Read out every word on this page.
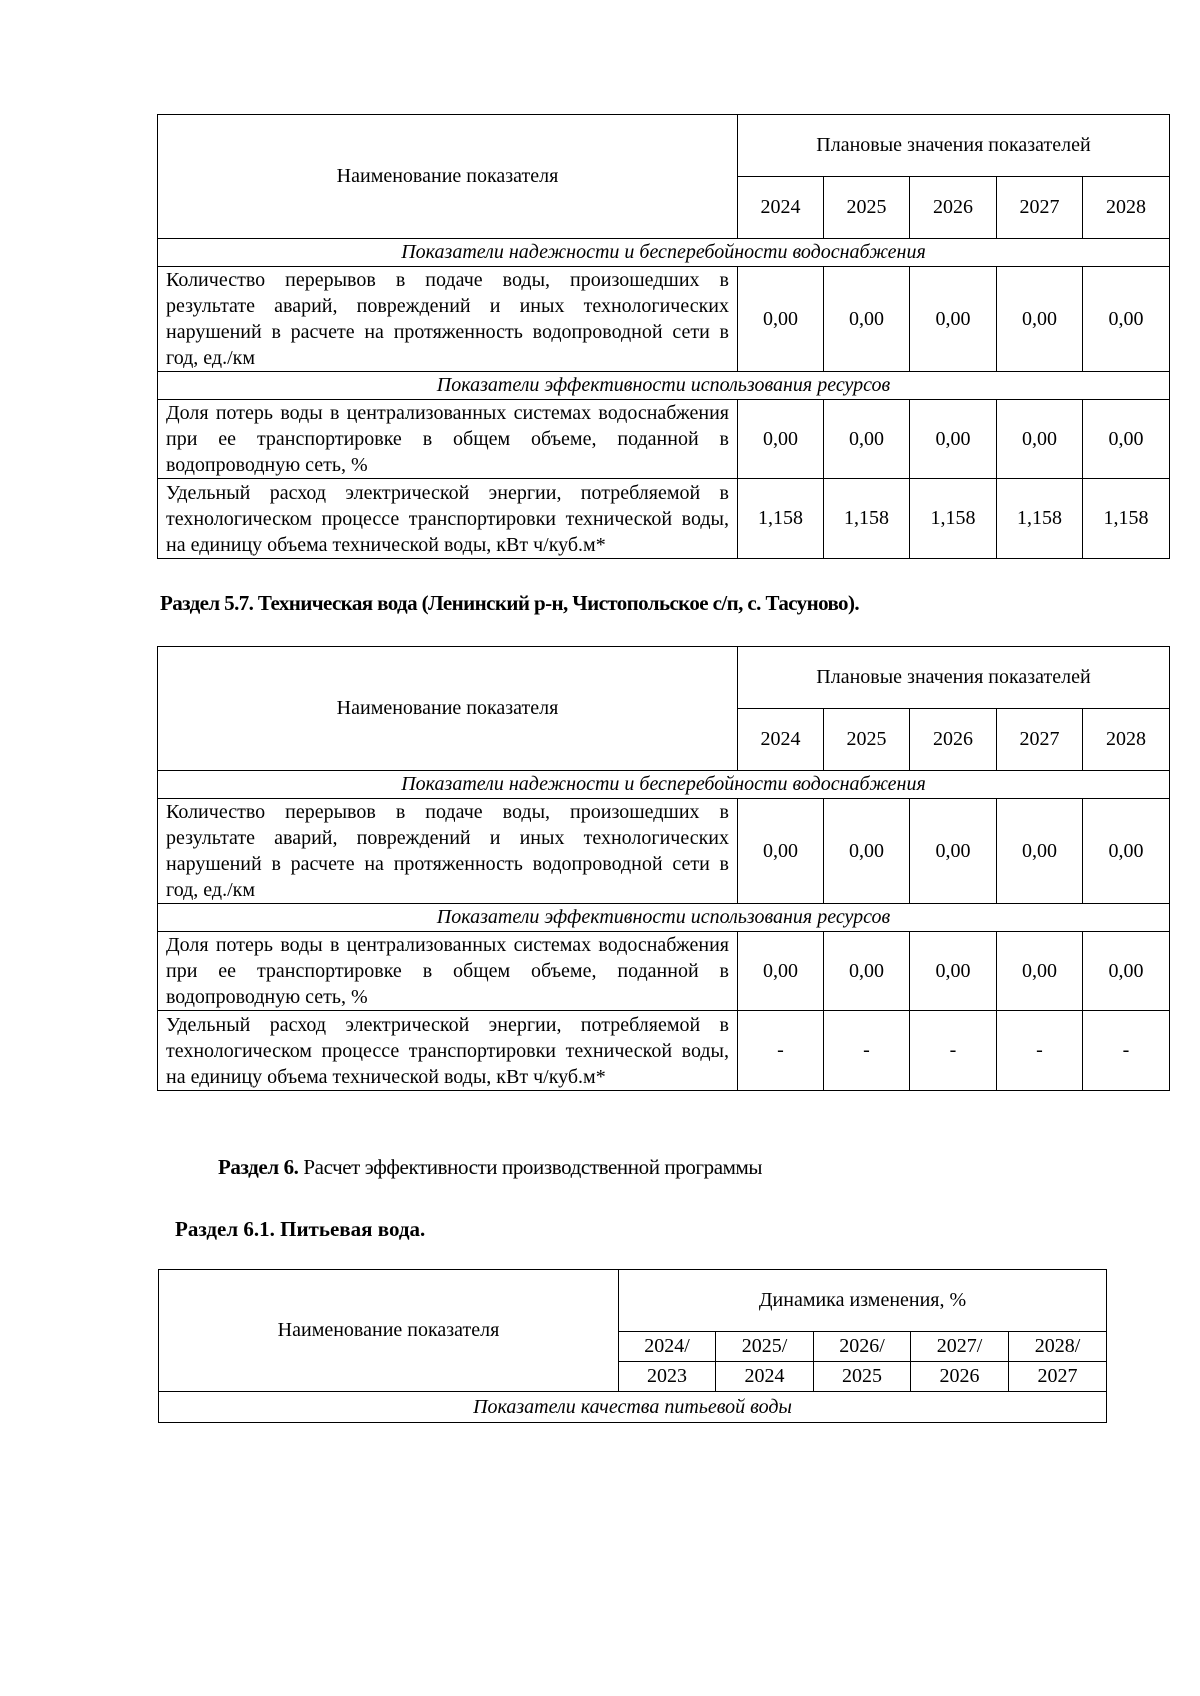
Наименование показателя	Плановые значения показателей				
	2024	2025	2026	2027	2028
Показатели надежности и бесперебойности водоснабжения					
Количество перерывов в подаче воды, произошедших в результате аварий, повреждений и иных технологических нарушений в расчете на протяженность водопроводной сети в год, ед./км	0,00	0,00	0,00	0,00	0,00
Показатели эффективности использования ресурсов					
Доля потерь воды в централизованных системах водоснабжения при ее транспортировке в общем объеме, поданной в водопроводную сеть, %	0,00	0,00	0,00	0,00	0,00
Удельный расход электрической энергии, потребляемой в технологическом процессе транспортировки технической воды, на единицу объема технической воды, кВт ч/куб.м*	1,158	1,158	1,158	1,158	1,158

Раздел 5.7. Техническая вода (Ленинский р-н, Чистопольское с/п, с. Тасуново).

Наименование показателя	Плановые значения показателей				
	2024	2025	2026	2027	2028
Показатели надежности и бесперебойности водоснабжения					
Количество перерывов в подаче воды, произошедших в результате аварий, повреждений и иных технологических нарушений в расчете на протяженность водопроводной сети в год, ед./км	0,00	0,00	0,00	0,00	0,00
Показатели эффективности использования ресурсов					
Доля потерь воды в централизованных системах водоснабжения при ее транспортировке в общем объеме, поданной в водопроводную сеть, %	0,00	0,00	0,00	0,00	0,00
Удельный расход электрической энергии, потребляемой в технологическом процессе транспортировки технической воды, на единицу объема технической воды, кВт ч/куб.м*	-	-	-	-	-

Раздел 6. Расчет эффективности производственной программы

Раздел 6.1. Питьевая вода.

Наименование показателя	Динамика изменения, %				
	2024/	2025/	2026/	2027/	2028/
	2023	2024	2025	2026	2027
Показатели качества питьевой воды					
